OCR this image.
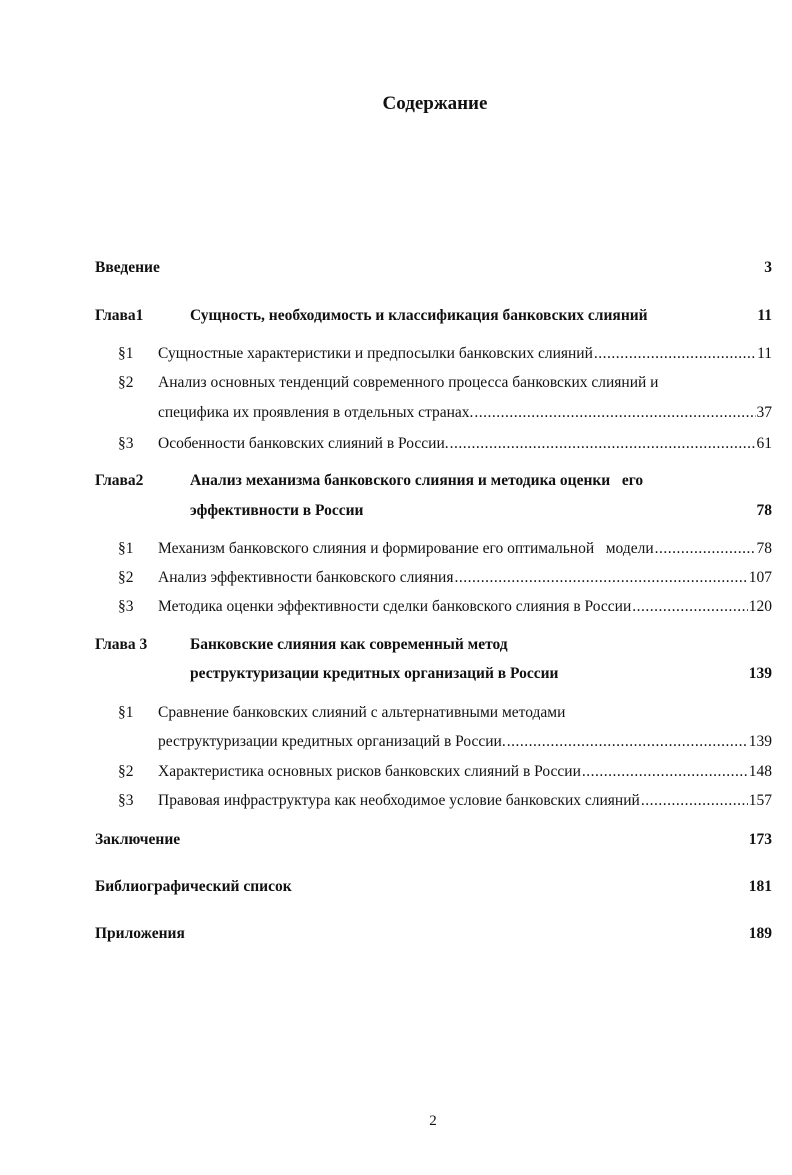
Содержание
Введение	3
Глава1	Сущность, необходимость и классификация банковских слияний	11
§1 Сущностные характеристики и предпосылки банковских слияний .....	11
§2 Анализ основных тенденций современного процесса банковских слияний и
специфика их проявления в отдельных странах. .....	37
§3 Особенности банковских слияний в России. .....	61
Глава2	Анализ механизма банковского слияния и методика оценки   его
эффективности в России	78
§1 Механизм банковского слияния и формирование его оптимальной   модели .....	78
§2 Анализ эффективности банковского слияния .....	107
§3 Методика оценки эффективности сделки банковского слияния в России .....	120
Глава 3	Банковские слияния как современный метод
реструктуризации кредитных организаций в России	139
§1 Сравнение банковских слияний с альтернативными методами
реструктуризации кредитных организаций в России. .....	139
§2 Характеристика основных рисков банковских слияний в России .....	148
§3 Правовая инфраструктура как необходимое условие банковских слияний .....	157
Заключение	173
Библиографический список	181
Приложения	189
2
